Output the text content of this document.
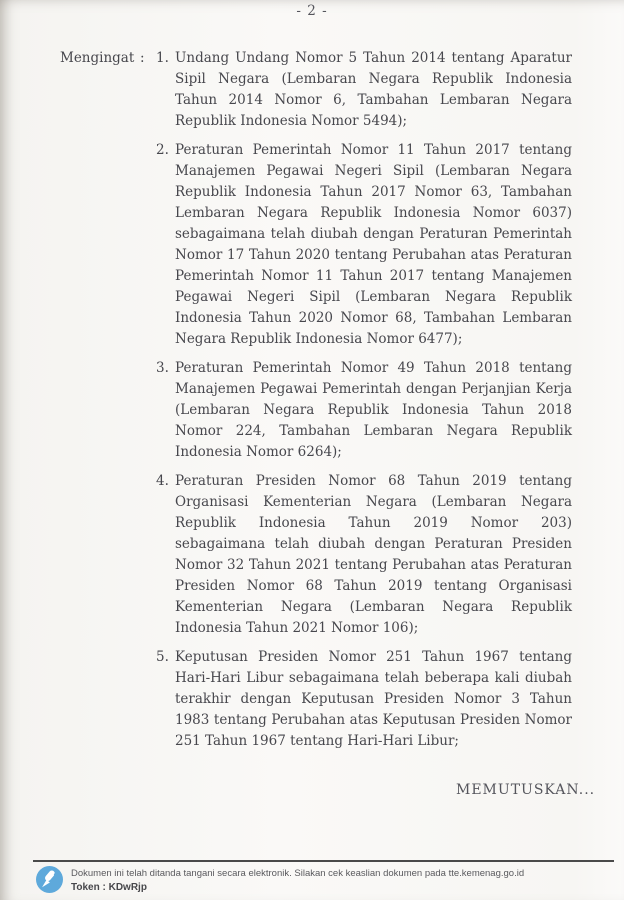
- 2 -
Mengingat : 1. Undang Undang Nomor 5 Tahun 2014 tentang Aparatur Sipil Negara (Lembaran Negara Republik Indonesia Tahun 2014 Nomor 6, Tambahan Lembaran Negara Republik Indonesia Nomor 5494);
2. Peraturan Pemerintah Nomor 11 Tahun 2017 tentang Manajemen Pegawai Negeri Sipil (Lembaran Negara Republik Indonesia Tahun 2017 Nomor 63, Tambahan Lembaran Negara Republik Indonesia Nomor 6037) sebagaimana telah diubah dengan Peraturan Pemerintah Nomor 17 Tahun 2020 tentang Perubahan atas Peraturan Pemerintah Nomor 11 Tahun 2017 tentang Manajemen Pegawai Negeri Sipil (Lembaran Negara Republik Indonesia Tahun 2020 Nomor 68, Tambahan Lembaran Negara Republik Indonesia Nomor 6477);
3. Peraturan Pemerintah Nomor 49 Tahun 2018 tentang Manajemen Pegawai Pemerintah dengan Perjanjian Kerja (Lembaran Negara Republik Indonesia Tahun 2018 Nomor 224, Tambahan Lembaran Negara Republik Indonesia Nomor 6264);
4. Peraturan Presiden Nomor 68 Tahun 2019 tentang Organisasi Kementerian Negara (Lembaran Negara Republik Indonesia Tahun 2019 Nomor 203) sebagaimana telah diubah dengan Peraturan Presiden Nomor 32 Tahun 2021 tentang Perubahan atas Peraturan Presiden Nomor 68 Tahun 2019 tentang Organisasi Kementerian Negara (Lembaran Negara Republik Indonesia Tahun 2021 Nomor 106);
5. Keputusan Presiden Nomor 251 Tahun 1967 tentang Hari-Hari Libur sebagaimana telah beberapa kali diubah terakhir dengan Keputusan Presiden Nomor 3 Tahun 1983 tentang Perubahan atas Keputusan Presiden Nomor 251 Tahun 1967 tentang Hari-Hari Libur;
MEMUTUSKAN...
Dokumen ini telah ditanda tangani secara elektronik. Silakan cek keaslian dokumen pada tte.kemenag.go.id
Token : KDwRjp
